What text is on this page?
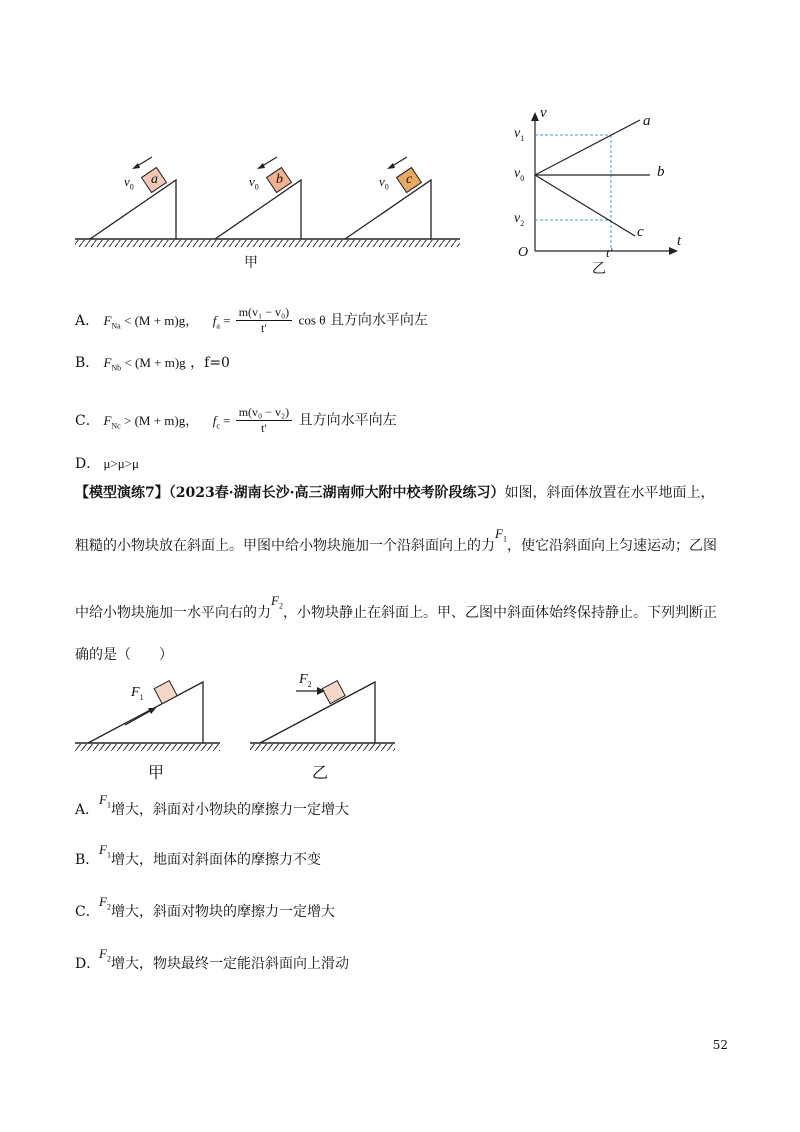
$v_0$
a	$v_0$
b	$v_0$
c
甲
v
$v_1$
$v_0$
$v_2$
O	t′
t
a
b
c
乙
A． $F_{Na} < (M + m)g$， $f_a = \frac{\text{m(v₁ − v₀)}}{t'}$ cos θ 且方向水平向左
B． $F_{Nb} < (M + m)g$ ，f=0
C． $F_{Nc} > (M + m)g$， $f_c = \frac{\text{m(v₀ − v₂)}}{t'}$ 且方向水平向左
D． μ>μ>μ
【模型演练7】（2023春·湖南长沙·高三湖南师大附中校考阶段练习）如图，斜面体放置在水平地面上，
粗糙的小物块放在斜面上。甲图中给小物块施加一个沿斜面向上的力$F_1$，使它沿斜面向上匀速运动；乙图
中给小物块施加一水平向右的力$F_2$，小物块静止在斜面上。甲、乙图中斜面体始终保持静止。下列判断正
确的是（　　）
$F_1$
$F_2$
甲	乙
A．$F_1$增大，斜面对小物块的摩擦力一定增大
B．$F_1$增大，地面对斜面体的摩擦力不变
C．$F_2$增大，斜面对物块的摩擦力一定增大
D．$F_2$增大，物块最终一定能沿斜面向上滑动
52
